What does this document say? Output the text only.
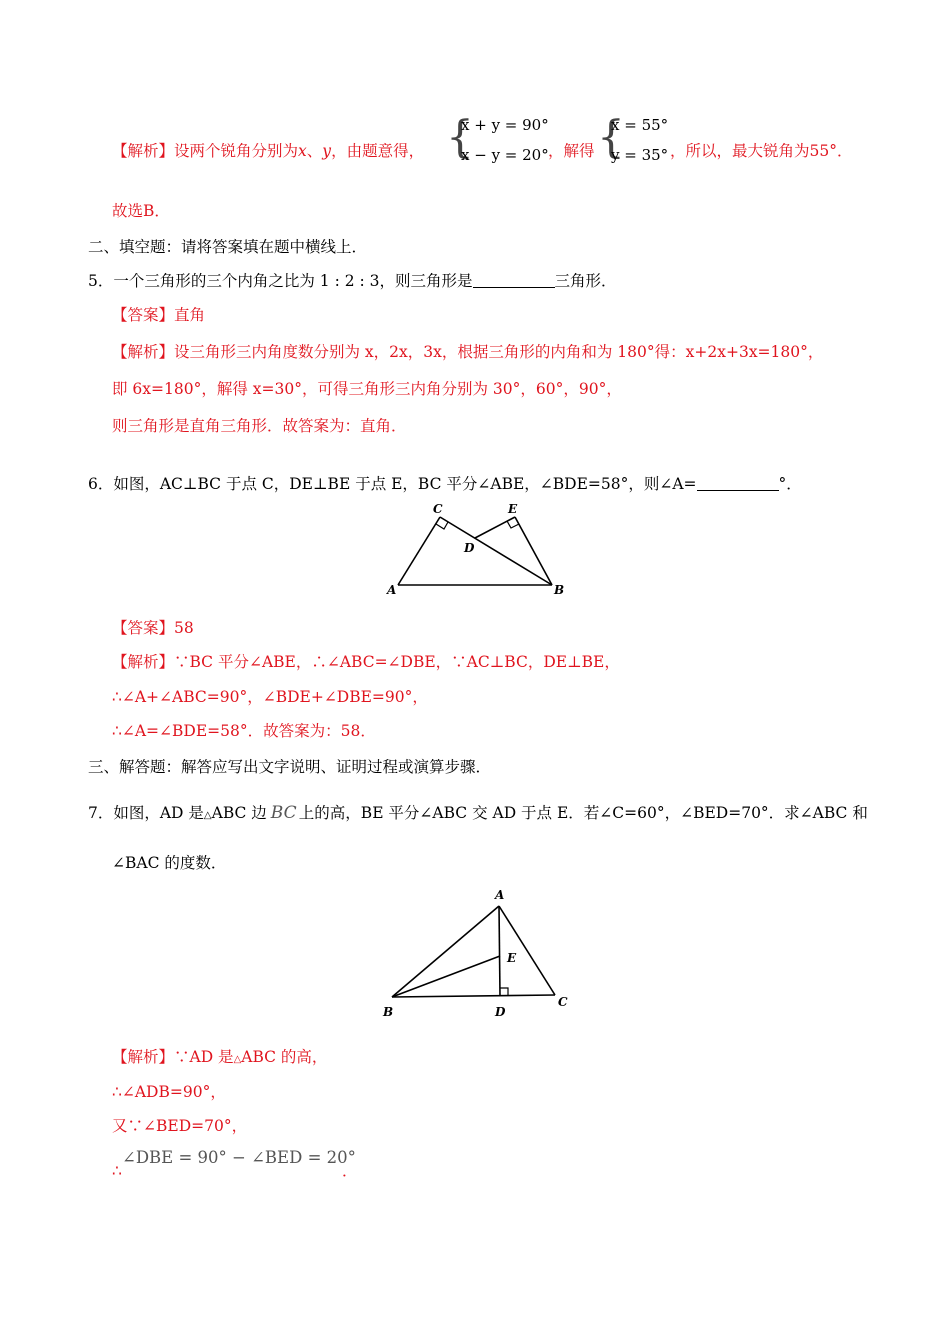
【解析】设两个锐角分别为x、y，由题意得， {
x + y = 90°
x − y = 20° ，解得 {
x = 55°
y = 35° ，所以，最大锐角为55°．
故选B．
二、填空题：请将答案填在题中横线上．
5．一个三角形的三个内角之比为 1 : 2 : 3，则三角形是	三角形．
【答案】直角
【解析】设三角形三内角度数分别为 x，2x，3x，根据三角形的内角和为 180°得：x+2x+3x=180°，
即 6x=180°，解得 x=30°，可得三角形三内角分别为 30°，60°，90°，
则三角形是直角三角形．故答案为：直角．
6．如图，AC⊥BC 于点 C，DE⊥BE 于点 E，BC 平分∠ABE，∠BDE=58°，则∠A=	°．
C	E
D
A	B
【答案】58
【解析】∵BC 平分∠ABE，∴∠ABC=∠DBE，∵AC⊥BC，DE⊥BE，
∴∠A+∠ABC=90°，∠BDE+∠DBE=90°，
∴∠A=∠BDE=58°．故答案为：58．
三、解答题：解答应写出文字说明、证明过程或演算步骤．
7．如图，AD 是△ABC 边 BC 上的高，BE 平分∠ABC 交 AD 于点 E．若∠C=60°，∠BED=70°．求∠ABC 和
∠BAC 的度数．
A
E
B	D
C
【解析】∵AD 是△ABC 的高，
∴∠ADB=90°，
又∵∠BED=70°，
∴
∠DBE = 90° − ∠BED = 20°
．
